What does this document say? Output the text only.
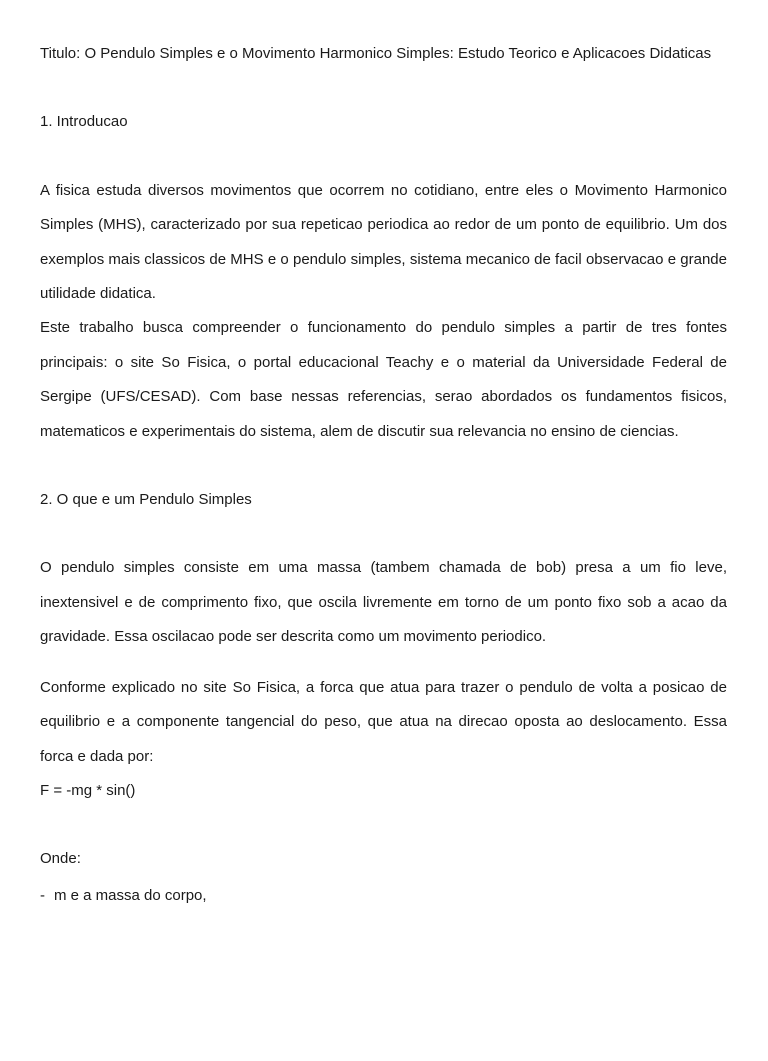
Titulo: O Pendulo Simples e o Movimento Harmonico Simples: Estudo Teorico e Aplicacoes Didaticas

1. Introducao

A fisica estuda diversos movimentos que ocorrem no cotidiano, entre eles o Movimento Harmonico Simples (MHS), caracterizado por sua repeticao periodica ao redor de um ponto de equilibrio. Um dos exemplos mais classicos de MHS e o pendulo simples, sistema mecanico de facil observacao e grande utilidade didatica.

Este trabalho busca compreender o funcionamento do pendulo simples a partir de tres fontes principais: o site So Fisica, o portal educacional Teachy e o material da Universidade Federal de Sergipe (UFS/CESAD). Com base nessas referencias, serao abordados os fundamentos fisicos, matematicos e experimentais do sistema, alem de discutir sua relevancia no ensino de ciencias.

2. O que e um Pendulo Simples

O pendulo simples consiste em uma massa (tambem chamada de bob) presa a um fio leve, inextensivel e de comprimento fixo, que oscila livremente em torno de um ponto fixo sob a acao da gravidade. Essa oscilacao pode ser descrita como um movimento periodico.

Conforme explicado no site So Fisica, a forca que atua para trazer o pendulo de volta a posicao de equilibrio e a componente tangencial do peso, que atua na direcao oposta ao deslocamento. Essa forca e dada por:

F = -mg * sin()

Onde:

- m e a massa do corpo,
